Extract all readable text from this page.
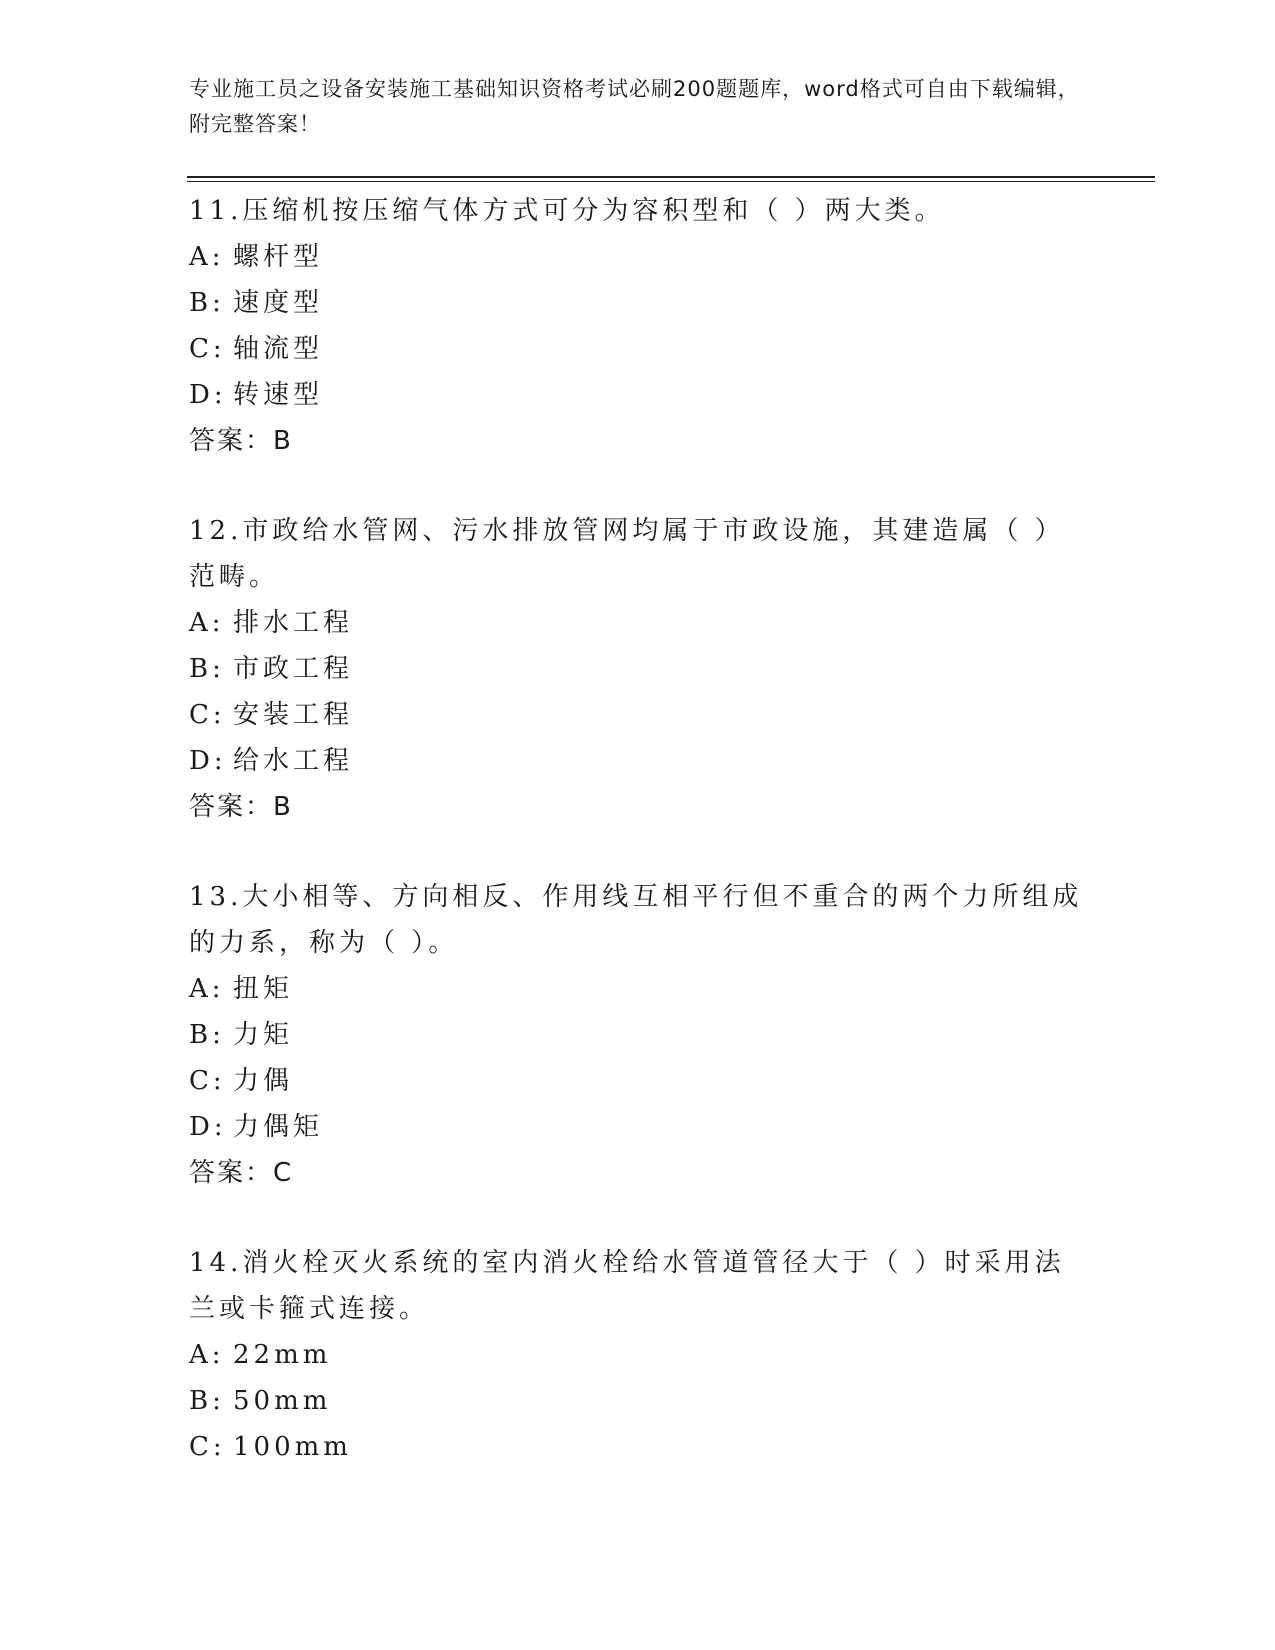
专业施工员之设备安装施工基础知识资格考试必刷200题题库，word格式可自由下载编辑，附完整答案！

11.压缩机按压缩气体方式可分为容积型和（ ）两大类。

A: 螺杆型
B: 速度型
C: 轴流型
D: 转速型
答案：B

12.市政给水管网、污水排放管网均属于市政设施，其建造属（ ）范畴。

A: 排水工程
B: 市政工程
C: 安装工程
D: 给水工程
答案：B

13.大小相等、方向相反、作用线互相平行但不重合的两个力所组成的力系，称为（ ）。

A: 扭矩
B: 力矩
C: 力偶
D: 力偶矩
答案：C

14.消火栓灭火系统的室内消火栓给水管道管径大于（ ）时采用法兰或卡箍式连接。

A: 22mm
B: 50mm
C: 100mm
